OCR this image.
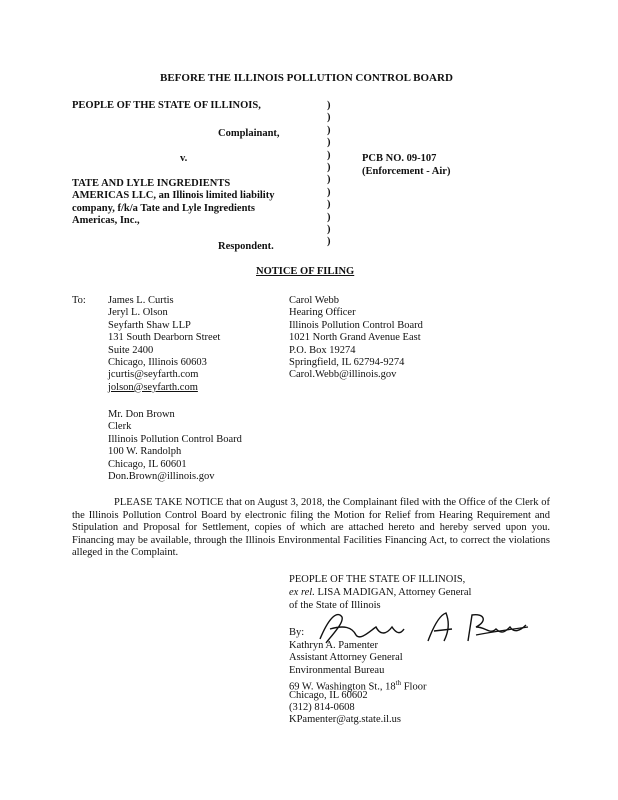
BEFORE THE ILLINOIS POLLUTION CONTROL BOARD
PEOPLE OF THE STATE OF ILLINOIS,
Complainant,
v.
TATE AND LYLE INGREDIENTS
AMERICAS LLC, an Illinois limited liability
company, f/k/a Tate and Lyle Ingredients
Americas, Inc.,
Respondent.
)
)
)
)
)
)
)
)
)
)
)
)
PCB NO. 09-107
(Enforcement - Air)
NOTICE OF FILING
To: James L. Curtis
Jeryl L. Olson
Seyfarth Shaw LLP
131 South Dearborn Street
Suite 2400
Chicago, Illinois 60603
jcurtis@seyfarth.com
jolson@seyfarth.com
Carol Webb
Hearing Officer
Illinois Pollution Control Board
1021 North Grand Avenue East
P.O. Box 19274
Springfield, IL 62794-9274
Carol.Webb@illinois.gov
Mr. Don Brown
Clerk
Illinois Pollution Control Board
100 W. Randolph
Chicago, IL 60601
Don.Brown@illinois.gov
PLEASE TAKE NOTICE that on August 3, 2018, the Complainant filed with the Office of the Clerk of the Illinois Pollution Control Board by electronic filing the Motion for Relief from Hearing Requirement and Stipulation and Proposal for Settlement, copies of which are attached hereto and hereby served upon you. Financing may be available, through the Illinois Environmental Facilities Financing Act, to correct the violations alleged in the Complaint.
PEOPLE OF THE STATE OF ILLINOIS,
ex rel. LISA MADIGAN, Attorney General
of the State of Illinois
By:
Kathryn A. Pamenter
Assistant Attorney General
Environmental Bureau
69 W. Washington St., 18th Floor
Chicago, IL 60602
(312) 814-0608
KPamenter@atg.state.il.us
